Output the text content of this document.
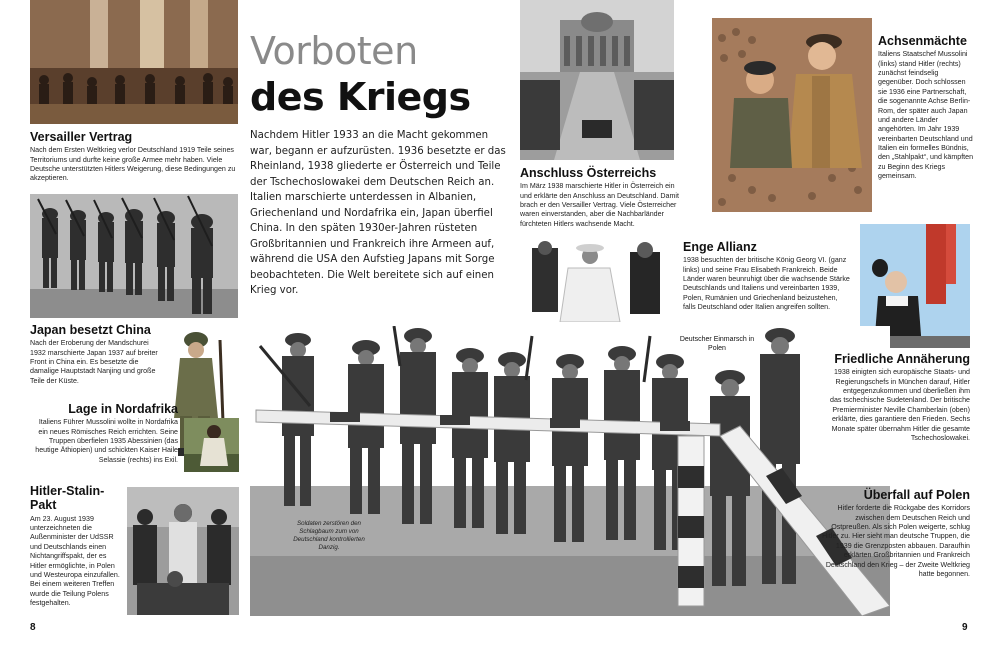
Vorboten
des Kriegs

Nachdem Hitler 1933 an die Macht gekommen war, begann er aufzurüsten. 1936 besetzte er das Rheinland, 1938 gliederte er Österreich und Teile der Tschechoslowakei dem Deutschen Reich an. Italien marschierte unterdessen in Albanien, Griechenland und Nordafrika ein, Japan überfiel China. In den späten 1930er-Jahren rüsteten Großbritannien und Frankreich ihre Armeen auf, während die USA den Aufstieg Japans mit Sorge beobachteten. Die Welt bereitete sich auf einen Krieg vor.

Versailler Vertrag

Nach dem Ersten Weltkrieg verlor Deutschland 1919 Teile seines Territoriums und durfte keine große Armee mehr haben. Viele Deutsche unterstützten Hitlers Weigerung, diese Bedingungen zu akzeptieren.

Japan besetzt China

Nach der Eroberung der Mandschurei 1932 marschierte Japan 1937 auf breiter Front in China ein. Es besetzte die damalige Hauptstadt Nanjing und große Teile der Küste.

Lage in Nordafrika

Italiens Führer Mussolini wollte in Nordafrika ein neues Römisches Reich errichten. Seine Truppen überfielen 1935 Abessinien (das heutige Äthiopien) und schickten Kaiser Haile Selassie (rechts) ins Exil.

Hitler-Stalin-Pakt

Am 23. August 1939 unterzeichneten die Außenminister der UdSSR und Deutschlands einen Nichtangriffspakt, der es Hitler ermöglichte, in Polen und Westeuropa einzufallen. Bei einem weiteren Treffen wurde die Teilung Polens festgehalten.

Anschluss Österreichs

Im März 1938 marschierte Hitler in Österreich ein und erklärte den Anschluss an Deutschland. Damit brach er den Versailler Vertrag. Viele Österreicher waren einverstanden, aber die Nachbarländer fürchteten Hitlers wachsende Macht.

Enge Allianz

1938 besuchten der britische König Georg VI. (ganz links) und seine Frau Elisabeth Frankreich. Beide Länder waren beunruhigt über die wachsende Stärke Deutschlands und Italiens und vereinbarten 1939, Polen, Rumänien und Griechenland beizustehen, falls Deutschland oder Italien angreifen sollten.

Achsenmächte

Italiens Staatschef Mussolini (links) stand Hitler (rechts) zunächst feindselig gegenüber. Doch schlossen sie 1936 eine Partnerschaft, die sogenannte Achse Berlin-Rom, der später auch Japan und andere Länder angehörten. Im Jahr 1939 vereinbarten Deutschland und Italien ein formelles Bündnis, den „Stahlpakt“, und kämpften zu Beginn des Kriegs gemeinsam.

Friedliche Annäherung

1938 einigten sich europäische Staats- und Regierungschefs in München darauf, Hitler entgegenzukommen und überließen ihm das tschechische Sudetenland. Der britische Premierminister Neville Chamberlain (oben) erklärte, dies garantiere den Frieden. Sechs Monate später übernahm Hitler die gesamte Tschechoslowakei.

Überfall auf Polen

Hitler forderte die Rückgabe des Korridors zwischen dem Deutschen Reich und Ostpreußen. Als sich Polen weigerte, schlug Hitler zu. Hier sieht man deutsche Truppen, die 1939 die Grenzposten abbauen. Daraufhin erklärten Großbritannien und Frankreich Deutschland den Krieg – der Zweite Weltkrieg hatte begonnen.

Deutscher Einmarsch in Polen
Soldaten zerstören den Schlagbaum zum von Deutschland kontrollierten Danzig.
8	9
